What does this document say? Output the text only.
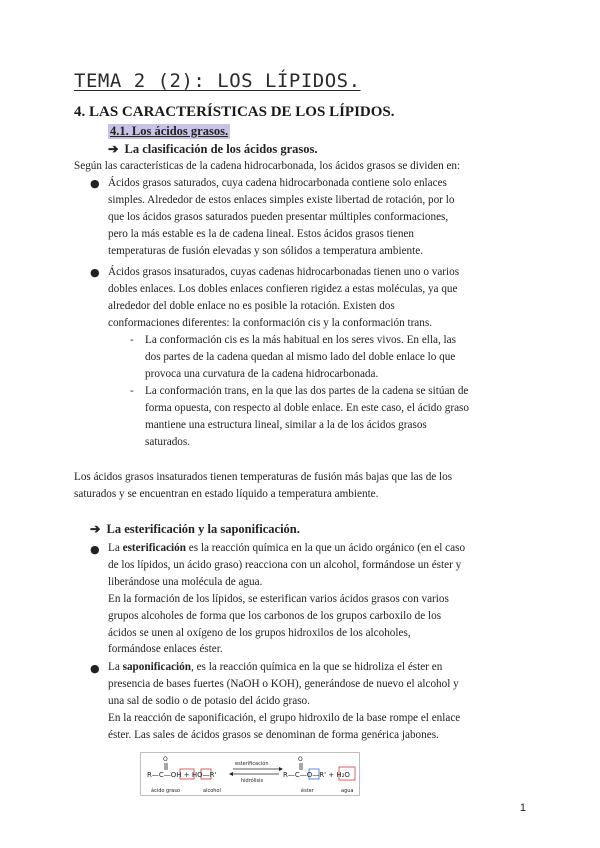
TEMA 2 (2): LOS LÍPIDOS.
4. LAS CARACTERÍSTICAS DE LOS LÍPIDOS.
4.1. Los ácidos grasos.
➔ La clasificación de los ácidos grasos.

Según las características de la cadena hidrocarbonada, los ácidos grasos se dividen en:

● Ácidos grasos saturados, cuya cadena hidrocarbonada contiene solo enlaces

simples. Alrededor de estos enlaces simples existe libertad de rotación, por lo

que los ácidos grasos saturados pueden presentar múltiples conformaciones,

pero la más estable es la de cadena lineal. Estos ácidos grasos tienen

temperaturas de fusión elevadas y son sólidos a temperatura ambiente.

● Ácidos grasos insaturados, cuyas cadenas hidrocarbonadas tienen uno o varios

dobles enlaces. Los dobles enlaces confieren rigidez a estas moléculas, ya que

alrededor del doble enlace no es posible la rotación. Existen dos

conformaciones diferentes: la conformación cis y la conformación trans.

- La conformación cis es la más habitual en los seres vivos. En ella, las

dos partes de la cadena quedan al mismo lado del doble enlace lo que

provoca una curvatura de la cadena hidrocarbonada.

- La conformación trans, en la que las dos partes de la cadena se sitúan de

forma opuesta, con respecto al doble enlace. En este caso, el ácido graso

mantiene una estructura lineal, similar a la de los ácidos grasos

saturados.

Los ácidos grasos insaturados tienen temperaturas de fusión más bajas que las de los

saturados y se encuentran en estado líquido a temperatura ambiente.

➔ La esterificación y la saponificación.
● La esterificación es la reacción química en la que un ácido orgánico (en el caso

de los lípidos, un ácido graso) reacciona con un alcohol, formándose un éster y

liberándose una molécula de agua.

En la formación de los lípidos, se esterifican varios ácidos grasos con varios

grupos alcoholes de forma que los carbonos de los grupos carboxilo de los

ácidos se unen al oxígeno de los grupos hidroxilos de los alcoholes,

formándose enlaces éster.

● La saponificación, es la reacción química en la que se hidroliza el éster en

presencia de bases fuertes (NaOH o KOH), generándose de nuevo el alcohol y

una sal de sodio o de potasio del ácido graso.

En la reacción de saponificación, el grupo hidroxilo de la base rompe el enlace

éster. Las sales de ácidos grasos se denominan de forma genérica jabones.

O
R—C—OH + HO—R'
esterificación
hidrólisis
O
R—C—O—R' + H₂O
ácido graso	alcohol	éster	agua
1
